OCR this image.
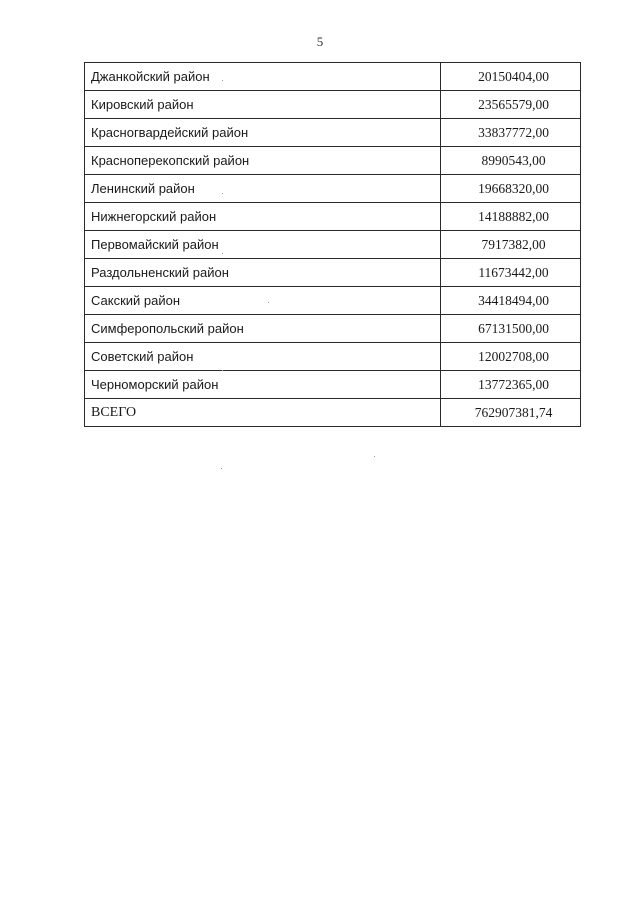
5
Джанкойский район	20150404,00
Кировский район	23565579,00
Красногвардейский район	33837772,00
Красноперекопский район	8990543,00
Ленинский район	19668320,00
Нижнегорский район	14188882,00
Первомайский район	7917382,00
Раздольненский район	11673442,00
Сакский район	34418494,00
Симферопольский район	67131500,00
Советский район	12002708,00
Черноморский район	13772365,00
ВСЕГО	762907381,74
